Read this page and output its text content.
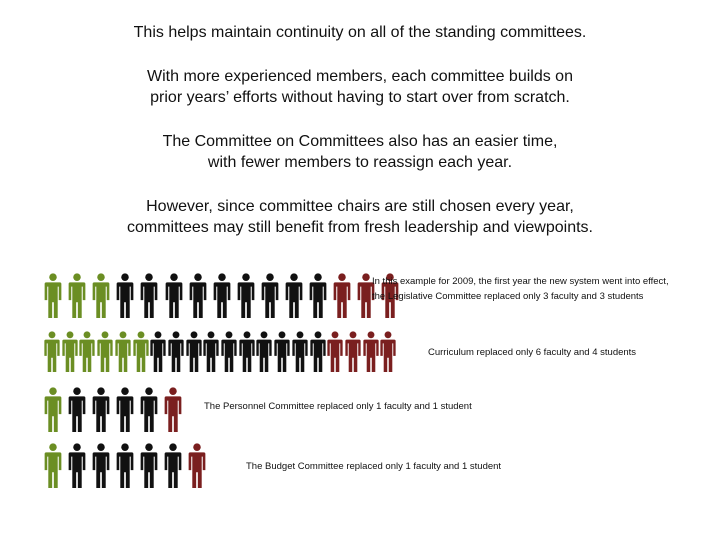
This helps maintain continuity on all of the standing committees.
With more experienced members, each committee builds on
prior years’ efforts without having to start over from scratch.
The Committee on Committees also has an easier time,
with fewer members to reassign each year.
However, since committee chairs are still chosen every year,
committees may still benefit from fresh leadership and viewpoints.
In this example for 2009, the first year the new system went into effect,
the Legislative Committee replaced only 3 faculty and 3 students
Curriculum replaced only 6 faculty and 4 students
The Personnel Committee replaced only 1 faculty and 1 student
The Budget Committee replaced only 1 faculty and 1 student
